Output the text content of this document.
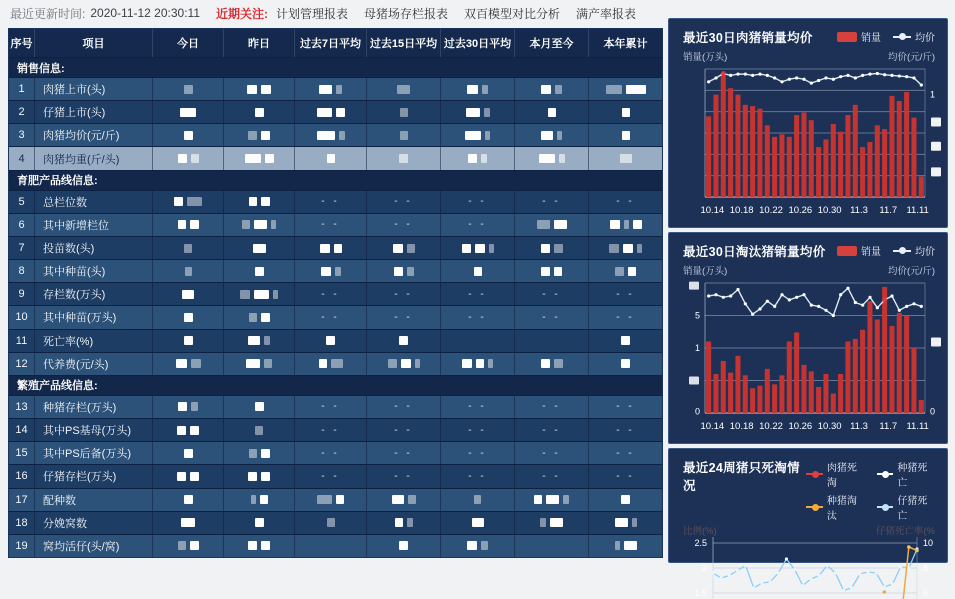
最近更新时间: 2020-11-12 20:30:11 近期关注: 计划管理报表 母猪场存栏报表 双百模型对比分析 满产率报表
序号	项目	今日	昨日	过去7日平均 过去15日平均 过去30日平均	本月至今	本年累计
销售信息:
1	肉猪上市(头)
2	仔猪上市(头)
3	肉猪均价(元/斤)
4	肉猪均重(斤/头)
育肥产品线信息:
5	总栏位数	- -	- -	- -	- -	- -
6	其中新增栏位	- -	- -	- -
7	投苗数(头)
8	其中种苗(头)
9	存栏数(万头)	- -	- -	- -	- -	- -
10	其中种苗(万头)	- -	- -	- -	- -	- -
11	死亡率(%)
12	代养费(元/头)
繁殖产品线信息:
13	种猪存栏(万头)	- -	- -	- -	- -	- -
14	其中PS基母(万头)	- -	- -	- -	- -	- -
15	其中PS后备(万头)	- -	- -	- -	- -	- -
16	仔猪存栏(万头)	- -	- -	- -	- -	- -
17	配种数
18	分娩窝数
19	窝均活仔(头/窝)
最近30日肉猪销量均价	销量	均价
销量(万头)	均价(元/斤)
10.14 10.18 10.22 10.26 10.30 11.3 11.7 11.11
1
最近30日淘汰猪销量均价	销量	均价
销量(万头)	均价(元/斤)
10.14 10.18 10.22 10.26 10.30 11.3 11.7 11.11
5
1
0	0
最近24周猪只死淘情况
肉猪死淘
种猪死亡
种猪淘汰
仔猪死亡
比例(%)	仔猪死亡率(%
2.5	10
2	8
1.5	6
